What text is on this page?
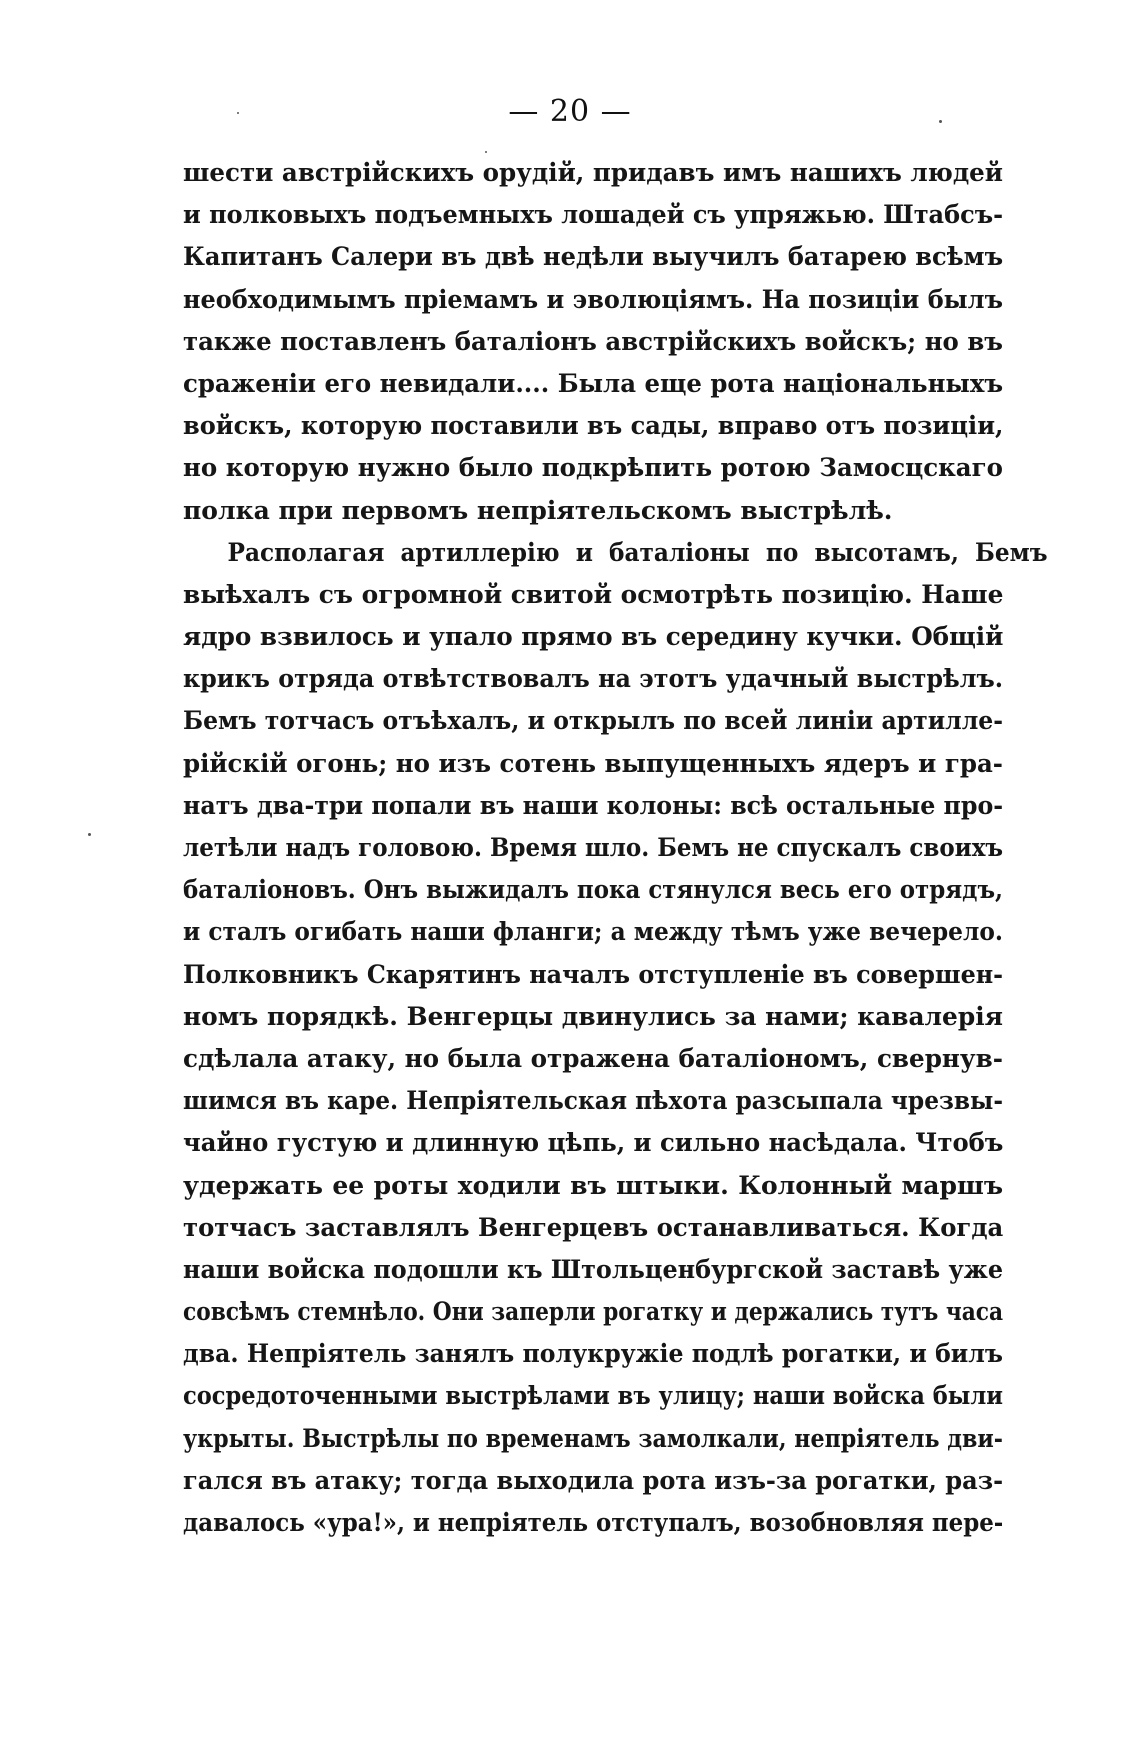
— 20 —
шести австрійскихъ орудій, придавъ имъ нашихъ людей
и полковыхъ подъемныхъ лошадей съ упряжью. Штабсъ-
Капитанъ Салери въ двѣ недѣли выучилъ батарею всѣмъ
необходимымъ пріемамъ и эволюціямъ. На позиціи былъ
также поставленъ баталіонъ австрійскихъ войскъ; но въ
сраженіи его невидали.... Была еще рота національныхъ
войскъ, которую поставили въ сады, вправо отъ позиціи,
но которую нужно было подкрѣпить ротою Замосцскаго
полка при первомъ непріятельскомъ выстрѣлѣ.
Располагая артиллерію и баталіоны по высотамъ, Бемъ
выѣхалъ съ огромной свитой осмотрѣть позицію. Наше
ядро взвилось и упало прямо въ середину кучки. Общій
крикъ отряда отвѣтствовалъ на этотъ удачный выстрѣлъ.
Бемъ тотчасъ отъѣхалъ, и открылъ по всей линіи артилле-
рійскій огонь; но изъ сотень выпущенныхъ ядеръ и гра-
натъ два-три попали въ наши колоны: всѣ остальные про-
летѣли надъ головою. Время шло. Бемъ не спускалъ своихъ
баталіоновъ. Онъ выжидалъ пока стянулся весь его отрядъ,
и сталъ огибать наши фланги; а между тѣмъ уже вечерело.
Полковникъ Скарятинъ началъ отступленіе въ совершен-
номъ порядкѣ. Венгерцы двинулись за нами; кавалерія
сдѣлала атаку, но была отражена баталіономъ, свернув-
шимся въ каре. Непріятельская пѣхота разсыпала чрезвы-
чайно густую и длинную цѣпь, и сильно насѣдала. Чтобъ
удержать ее роты ходили въ штыки. Колонный маршъ
тотчасъ заставлялъ Венгерцевъ останавливаться. Когда
наши войска подошли къ Штольценбургской заставѣ уже
совсѣмъ стемнѣло. Они заперли рогатку и держались тутъ часа
два. Непріятель занялъ полукружіе подлѣ рогатки, и билъ
сосредоточенными выстрѣлами въ улицу; наши войска были
укрыты. Выстрѣлы по временамъ замолкали, непріятель дви-
гался въ атаку; тогда выходила рота изъ-за рогатки, раз-
давалось «ура!», и непріятель отступалъ, возобновляя пере-
